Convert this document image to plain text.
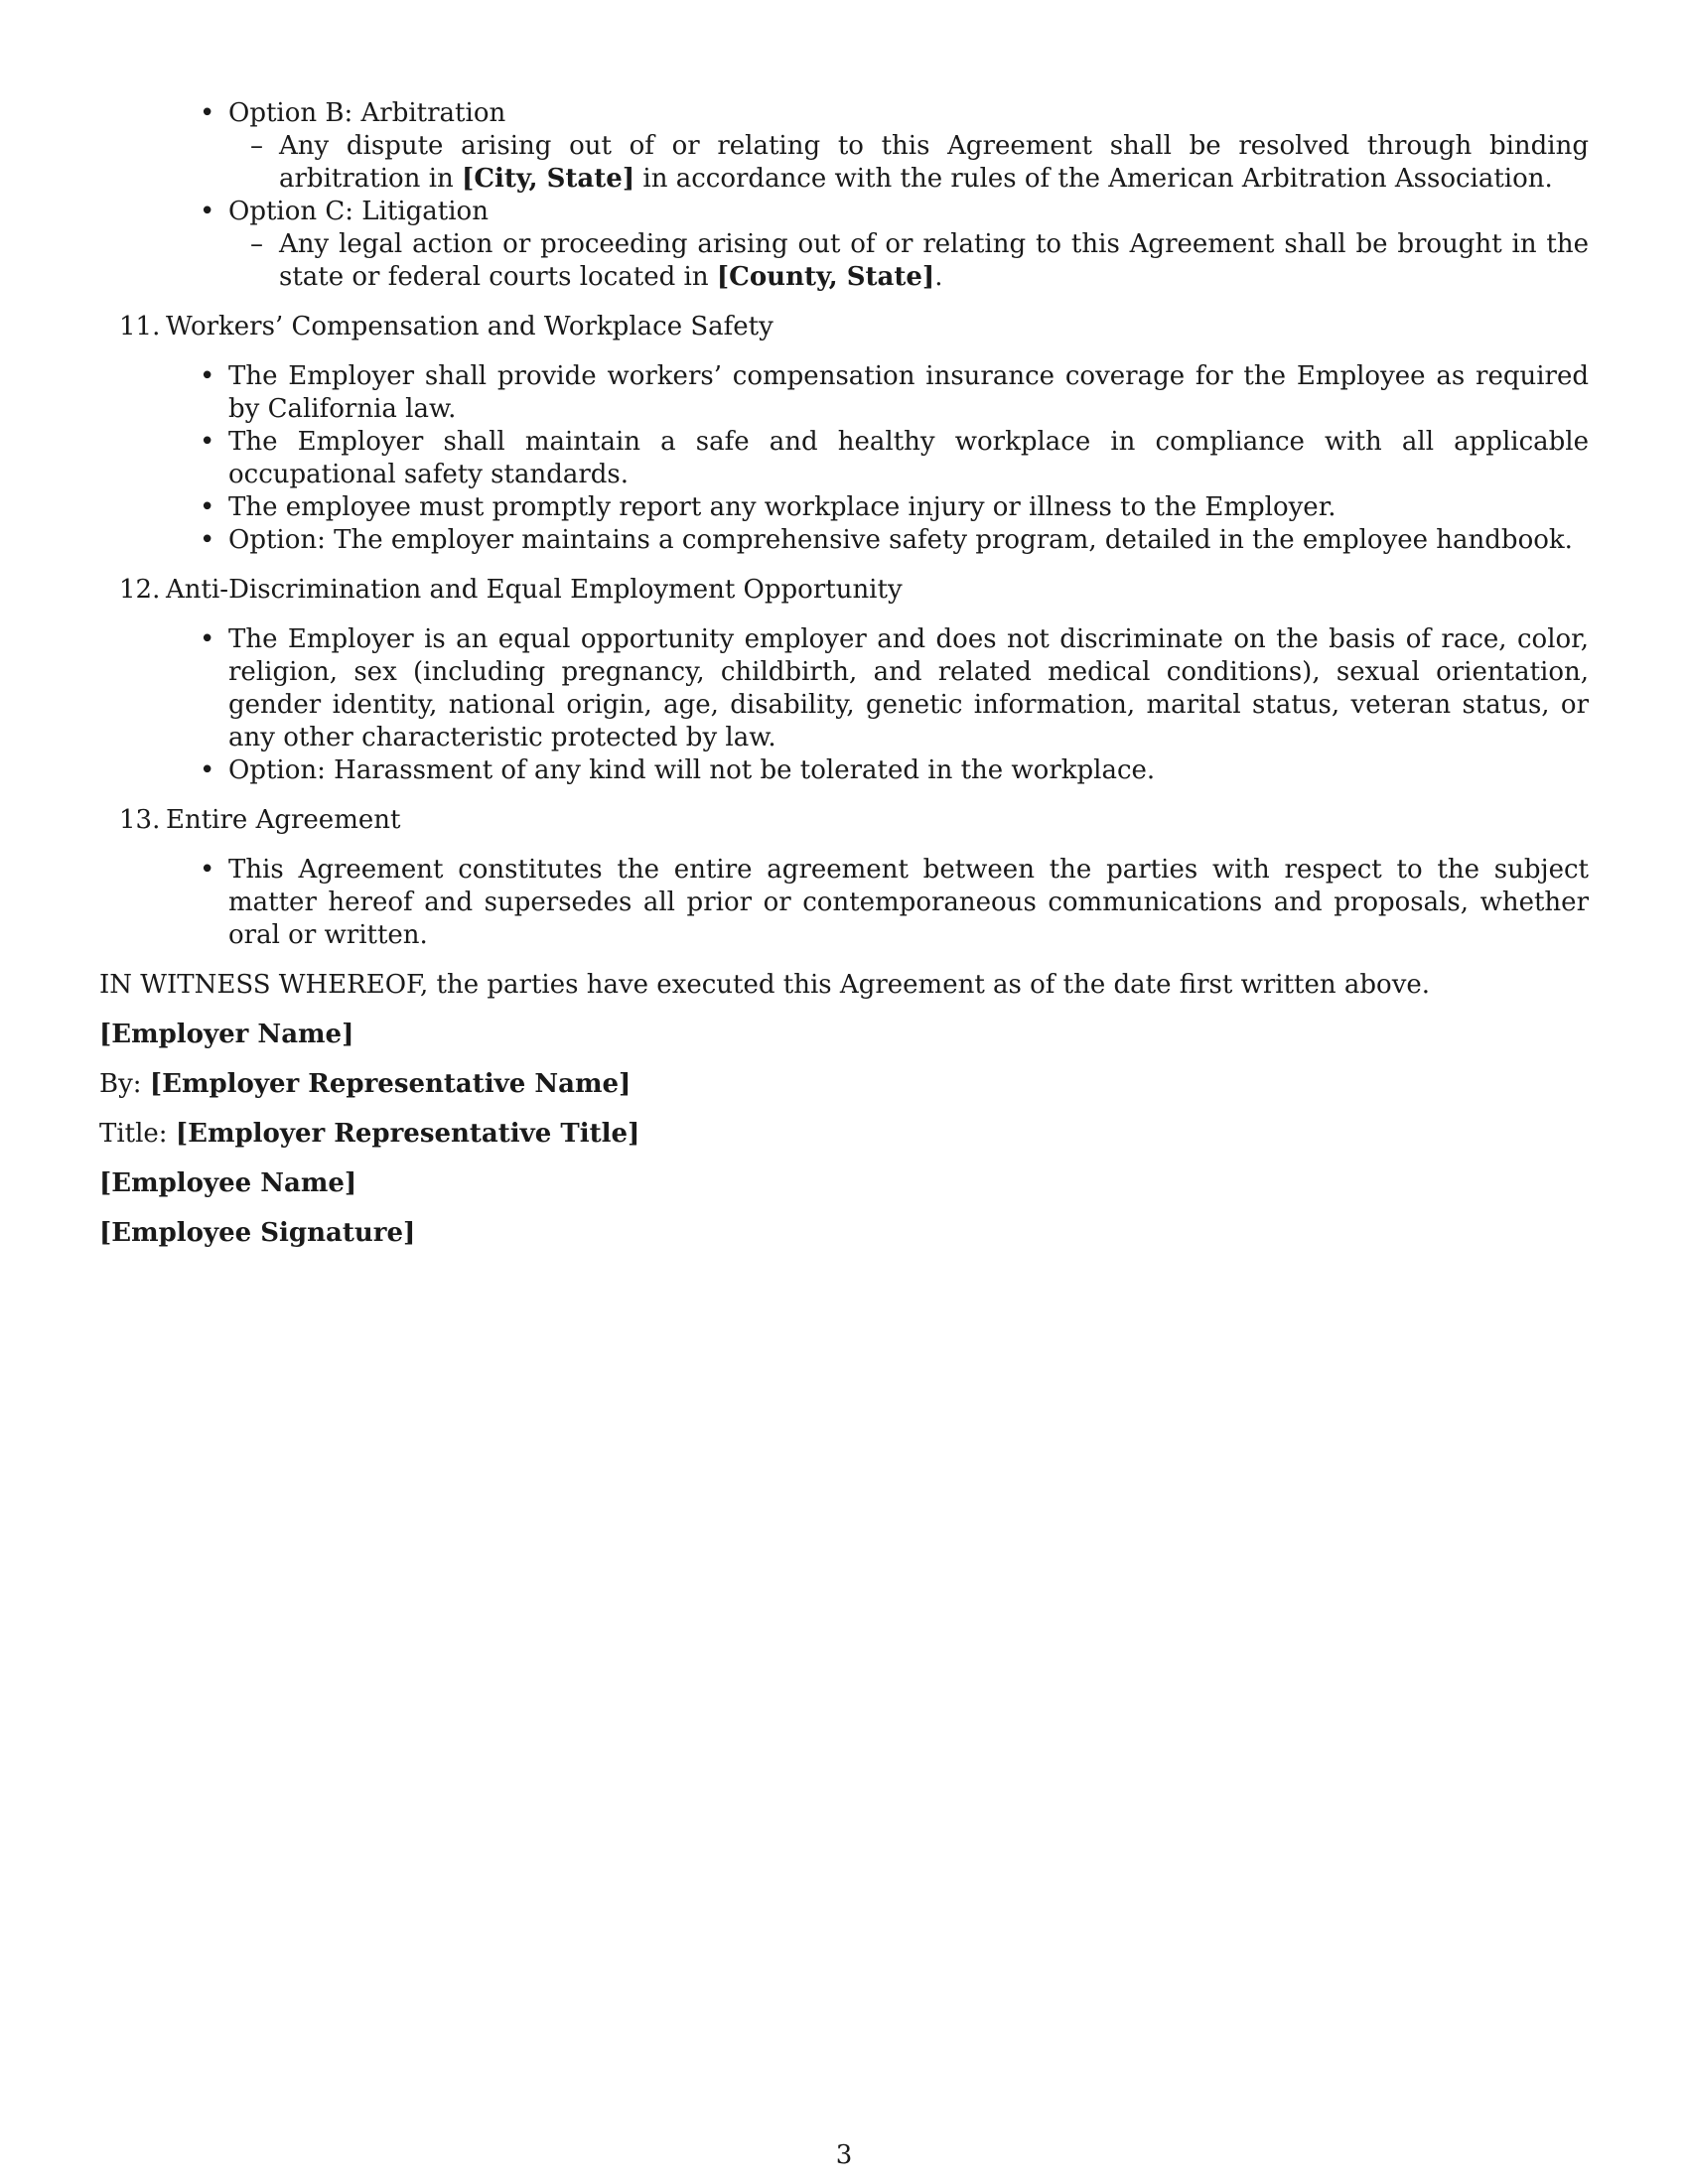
• Option B: Arbitration
– Any dispute arising out of or relating to this Agreement shall be resolved through binding arbitration in [City, State] in accordance with the rules of the American Arbitration Association.
• Option C: Litigation
– Any legal action or proceeding arising out of or relating to this Agreement shall be brought in the state or federal courts located in [County, State].
11. Workers’ Compensation and Workplace Safety
• The Employer shall provide workers’ compensation insurance coverage for the Employee as required by California law.
• The Employer shall maintain a safe and healthy workplace in compliance with all applicable occupational safety standards.
• The employee must promptly report any workplace injury or illness to the Employer.
• Option: The employer maintains a comprehensive safety program, detailed in the employee handbook.
12. Anti-Discrimination and Equal Employment Opportunity
• The Employer is an equal opportunity employer and does not discriminate on the basis of race, color, religion, sex (including pregnancy, childbirth, and related medical conditions), sexual orientation, gender identity, national origin, age, disability, genetic information, marital status, veteran status, or any other characteristic protected by law.
• Option: Harassment of any kind will not be tolerated in the workplace.
13. Entire Agreement
• This Agreement constitutes the entire agreement between the parties with respect to the subject matter hereof and supersedes all prior or contemporaneous communications and proposals, whether oral or written.

IN WITNESS WHEREOF, the parties have executed this Agreement as of the date first written above.

[Employer Name]

By: [Employer Representative Name]

Title: [Employer Representative Title]

[Employee Name]

[Employee Signature]

3
